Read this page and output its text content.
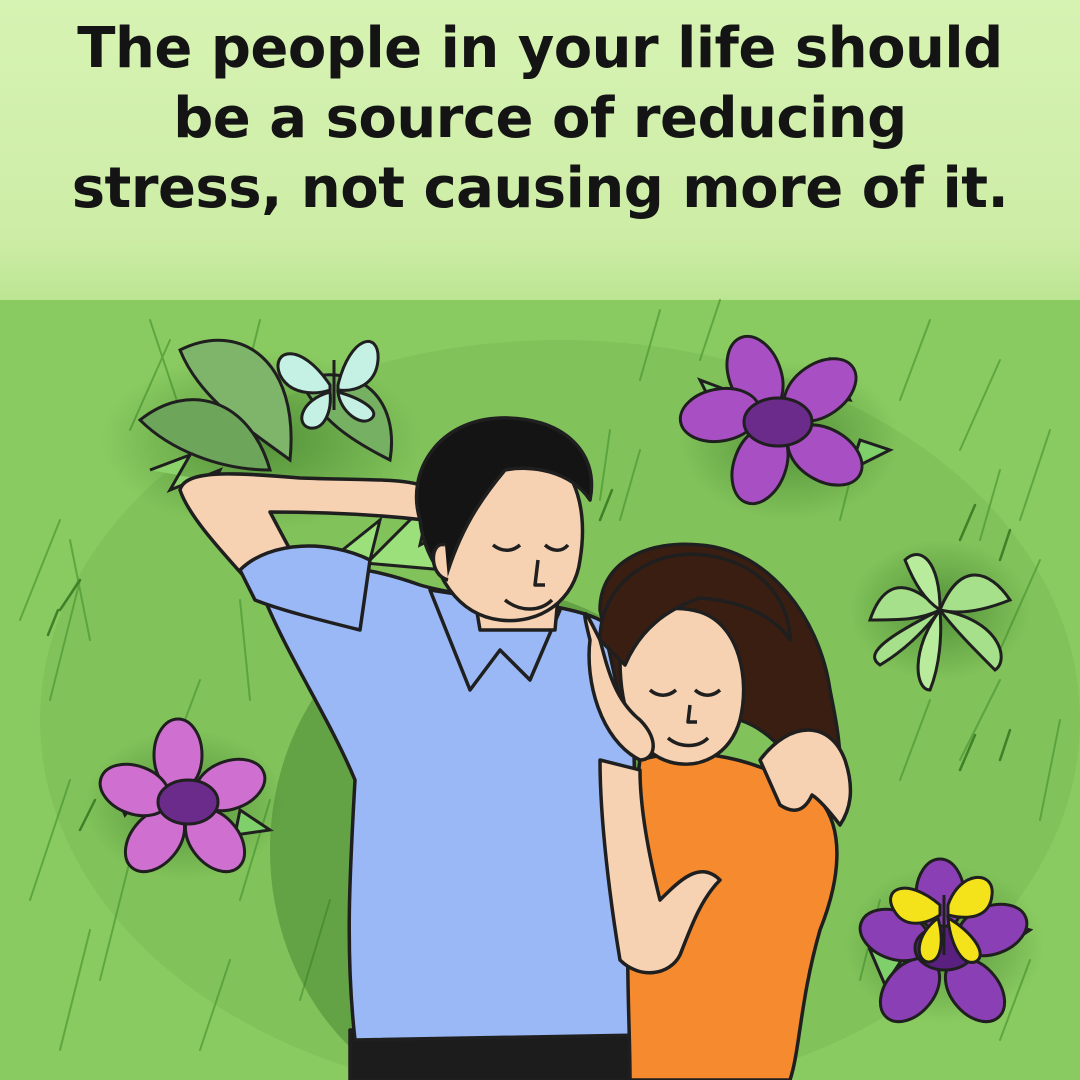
The people in your life should
be a source of reducing
stress, not causing more of it.
